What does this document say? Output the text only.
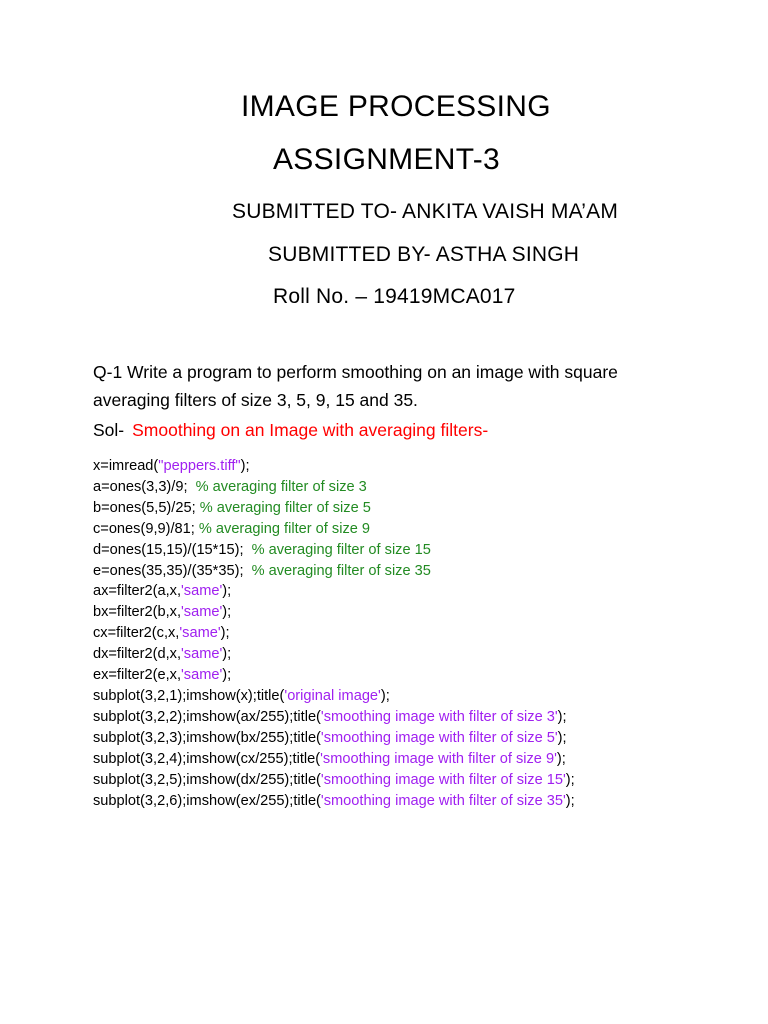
IMAGE PROCESSING
ASSIGNMENT-3
SUBMITTED TO- ANKITA VAISH MA’AM
SUBMITTED BY- ASTHA SINGH
Roll No. – 19419MCA017

Q-1 Write a program to perform smoothing on an image with square averaging filters of size 3, 5, 9, 15 and 35.

Sol- Smoothing on an Image with averaging filters-
x=imread("peppers.tiff");
a=ones(3,3)/9;  % averaging filter of size 3
b=ones(5,5)/25; % averaging filter of size 5
c=ones(9,9)/81; % averaging filter of size 9
d=ones(15,15)/(15*15);  % averaging filter of size 15
e=ones(35,35)/(35*35);  % averaging filter of size 35
ax=filter2(a,x,'same');
bx=filter2(b,x,'same');
cx=filter2(c,x,'same');
dx=filter2(d,x,'same');
ex=filter2(e,x,'same');
subplot(3,2,1);imshow(x);title('original image');
subplot(3,2,2);imshow(ax/255);title('smoothing image with filter of size 3');
subplot(3,2,3);imshow(bx/255);title('smoothing image with filter of size 5');
subplot(3,2,4);imshow(cx/255);title('smoothing image with filter of size 9');
subplot(3,2,5);imshow(dx/255);title('smoothing image with filter of size 15');
subplot(3,2,6);imshow(ex/255);title('smoothing image with filter of size 35');
